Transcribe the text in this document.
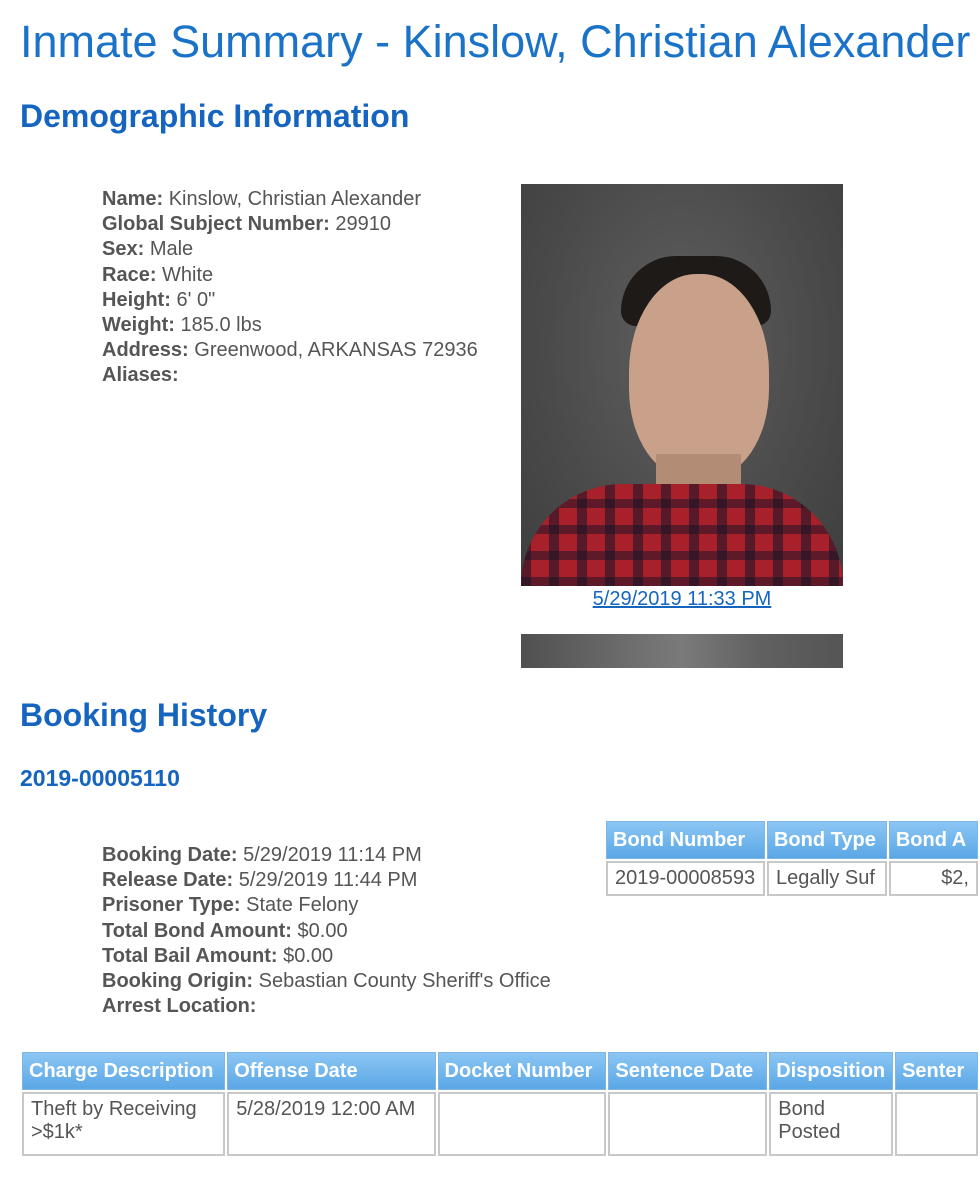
Inmate Summary - Kinslow, Christian Alexander
Demographic Information
Name: Kinslow, Christian Alexander
Global Subject Number: 29910
Sex: Male
Race: White
Height: 6' 0"
Weight: 185.0 lbs
Address: Greenwood, ARKANSAS 72936
Aliases:
5/29/2019 11:33 PM
Booking History
2019-00005110
Booking Date: 5/29/2019 11:14 PM
Release Date: 5/29/2019 11:44 PM
Prisoner Type: State Felony
Total Bond Amount: $0.00
Total Bail Amount: $0.00
Booking Origin: Sebastian County Sheriff's Office
Arrest Location:
Bond Number	Bond Type	Bond A
2019-00008593	Legally Suf	$2,
Charge Description	Offense Date	Docket Number	Sentence Date	Disposition	Senter
Theft by Receiving >$1k*	5/28/2019 12:00 AM			Bond Posted	
